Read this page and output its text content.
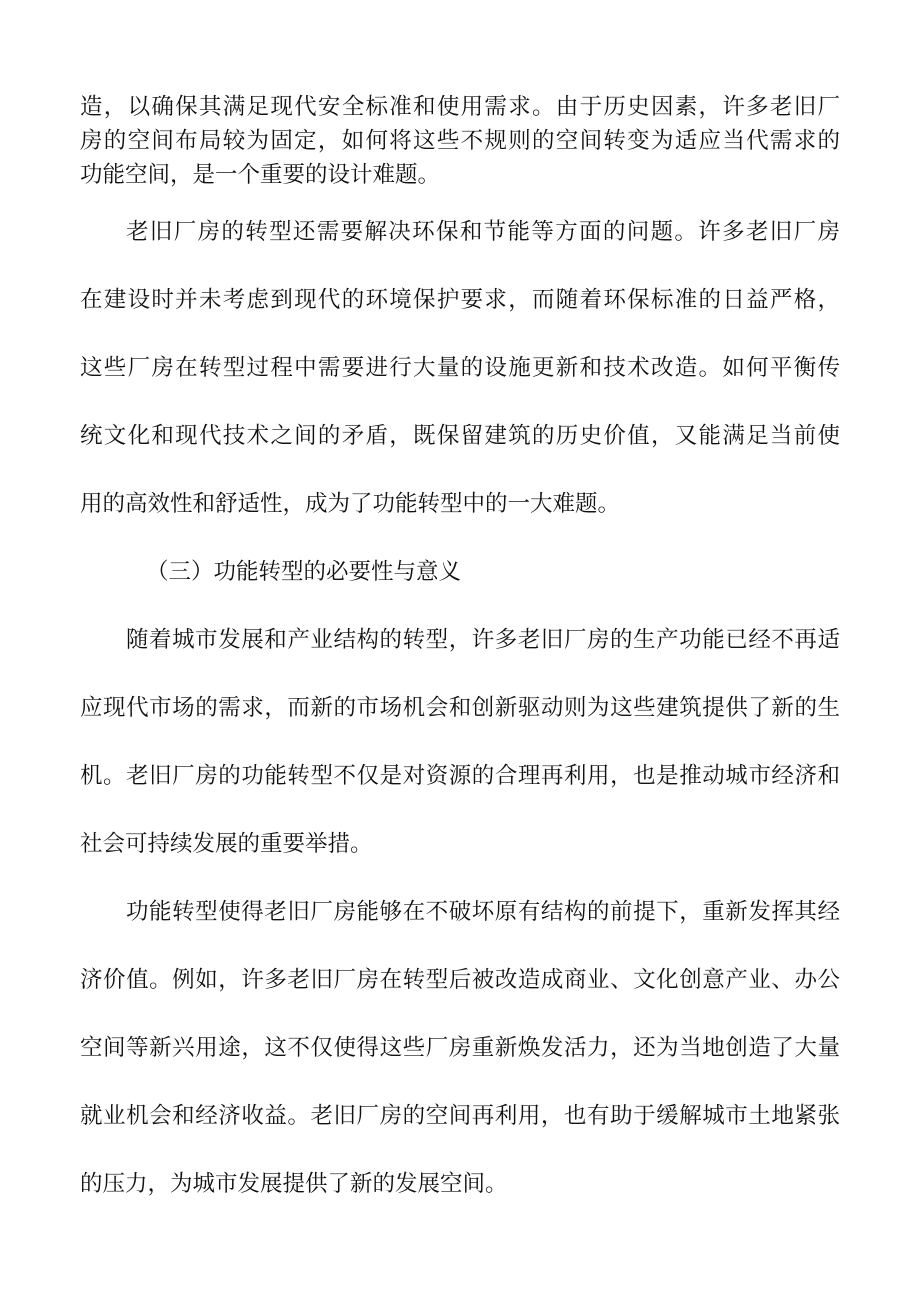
造，以确保其满足现代安全标准和使用需求。由于历史因素，许多老旧厂

房的空间布局较为固定，如何将这些不规则的空间转变为适应当代需求的

功能空间，是一个重要的设计难题。

老旧厂房的转型还需要解决环保和节能等方面的问题。许多老旧厂房

在建设时并未考虑到现代的环境保护要求，而随着环保标准的日益严格，

这些厂房在转型过程中需要进行大量的设施更新和技术改造。如何平衡传

统文化和现代技术之间的矛盾，既保留建筑的历史价值，又能满足当前使

用的高效性和舒适性，成为了功能转型中的一大难题。

（三）功能转型的必要性与意义

随着城市发展和产业结构的转型，许多老旧厂房的生产功能已经不再适

应现代市场的需求，而新的市场机会和创新驱动则为这些建筑提供了新的生

机。老旧厂房的功能转型不仅是对资源的合理再利用，也是推动城市经济和

社会可持续发展的重要举措。

功能转型使得老旧厂房能够在不破坏原有结构的前提下，重新发挥其经

济价值。例如，许多老旧厂房在转型后被改造成商业、文化创意产业、办公

空间等新兴用途，这不仅使得这些厂房重新焕发活力，还为当地创造了大量

就业机会和经济收益。老旧厂房的空间再利用，也有助于缓解城市土地紧张

的压力，为城市发展提供了新的发展空间。
